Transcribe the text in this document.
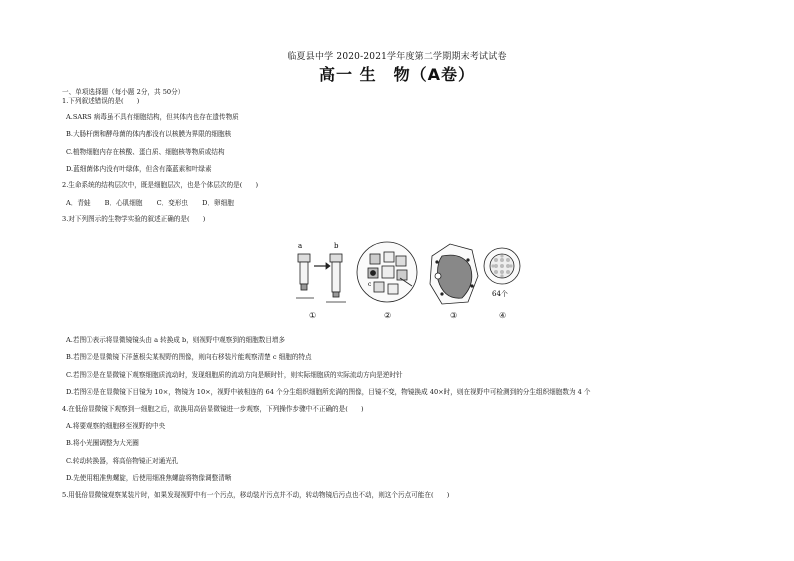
临夏县中学 2020-2021学年度第二学期期末考试试卷
高一 生　物（A卷）
一、单项选择题（每小题 2分，共 50分）
1.下列叙述错误的是(　　)
A.SARS 病毒虽不具有细胞结构，但其体内也存在遗传物质
B.大肠杆菌和酵母菌的体内都没有以核膜为界限的细胞核
C.植物细胞内存在核酸、蛋白质、细胞核等物质或结构
D.蓝细菌体内没有叶绿体，但含有藻蓝素和叶绿素
2.生命系统的结构层次中，既是细胞层次，也是个体层次的是(　　)
A．青蛙 B．心肌细胞 C．变形虫 D．卵细胞
3.对下列图示的生物学实验的叙述正确的是(　　)
a	b
c
64个
①	②	③	④
A.若图①表示将显微镜镜头由 a 转换成 b，则视野中观察到的细胞数目增多
B.若图②是显微镜下洋葱根尖某视野的图像，则向右移装片能观察清楚 c 细胞的特点
C.若图③是在显微镜下观察细胞质流动时，发现细胞质的流动方向是顺时针，则实际细胞质的实际流动方向是逆时针
D.若图④是在显微镜下目镜为 10×，物镜为 10×，视野中被相连的 64 个分生组织细胞所充满的图像，目镜不变，物镜换成 40×时，则在视野中可检测到的分生组织细胞数为 4 个
4.在低倍显微镜下观察到一细胞之后，欲换用高倍显微镜进一步观察，下列操作步骤中不正确的是(　　)
A.将要观察的细胞移至视野的中央
B.将小光圈调整为大光圈
C.转动转换器，将高倍物镜正对通光孔
D.先使用粗准焦螺旋，后使用细准焦螺旋将物像调整清晰
5.用低倍显微镜观察某装片时，如果发现视野中有一个污点，移动装片污点并不动，转动物镜后污点也不动，则这个污点可能在(　　)
